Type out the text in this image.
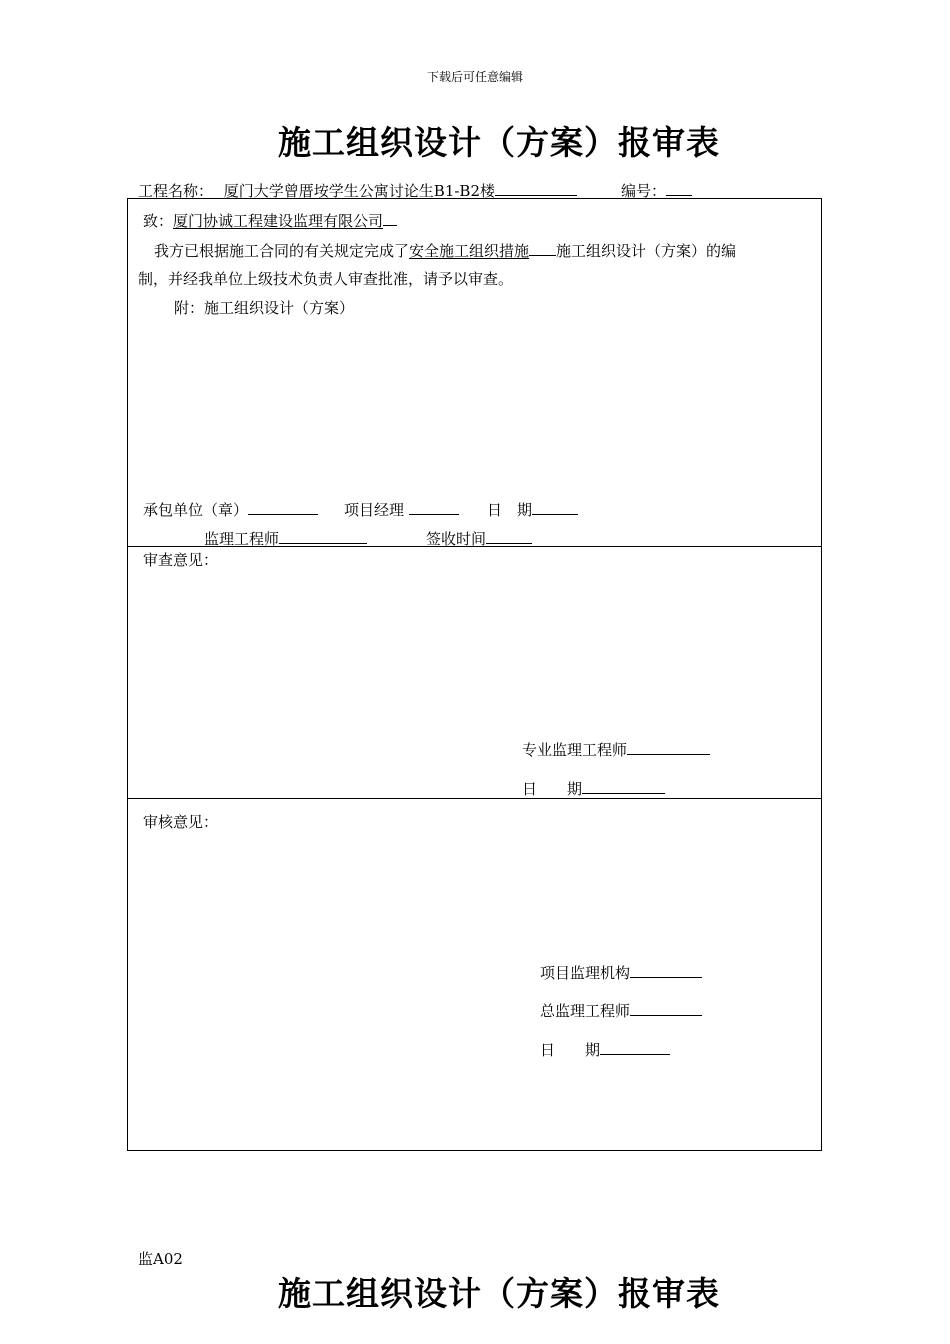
下载后可任意编辑
施工组织设计（方案）报审表
工程名称： 厦门大学曾厝垵学生公寓讨论生B1-B2楼	编号：
致：厦门协诚工程建设监理有限公司
我方已根据施工合同的有关规定完成了安全施工组织措施 施工组织设计（方案）的编
制，并经我单位上级技术负责人审查批准，请予以审查。
附：施工组织设计（方案）
承包单位（章）	项目经理	日　期
监理工程师	签收时间
审查意见：
专业监理工程师
日　　期
审核意见：
项目监理机构
总监理工程师
日　　期
监A02
施工组织设计（方案）报审表
